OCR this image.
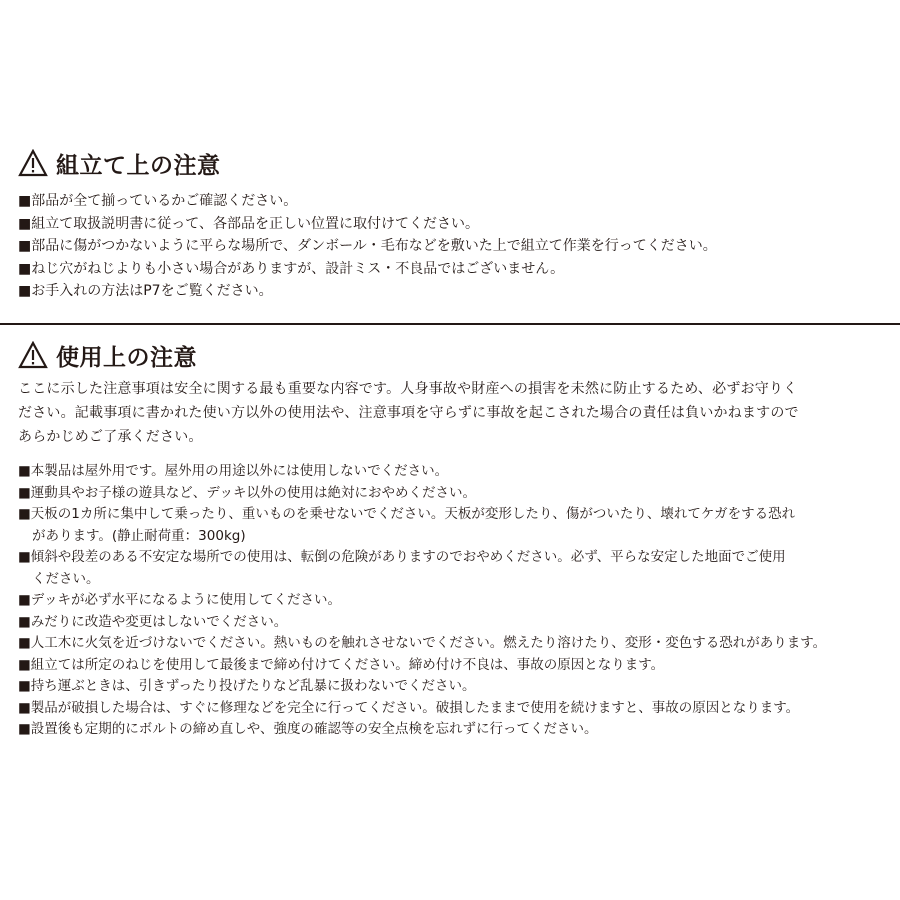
組立て上の注意
■部品が全て揃っているかご確認ください。
■組立て取扱説明書に従って、各部品を正しい位置に取付けてください。
■部品に傷がつかないように平らな場所で、ダンボール・毛布などを敷いた上で組立て作業を行ってください。
■ねじ穴がねじよりも小さい場合がありますが、設計ミス・不良品ではございません。
■お手入れの方法はP7をご覧ください。
使用上の注意
ここに示した注意事項は安全に関する最も重要な内容です。人身事故や財産への損害を未然に防止するため、必ずお守りく
ださい。記載事項に書かれた使い方以外の使用法や、注意事項を守らずに事故を起こされた場合の責任は負いかねますので
あらかじめご了承ください。
■本製品は屋外用です。屋外用の用途以外には使用しないでください。
■運動具やお子様の遊具など、デッキ以外の使用は絶対におやめください。
■天板の1カ所に集中して乗ったり、重いものを乗せないでください。天板が変形したり、傷がついたり、壊れてケガをする恐れ
があります。(静止耐荷重：300kg)
■傾斜や段差のある不安定な場所での使用は、転倒の危険がありますのでおやめください。必ず、平らな安定した地面でご使用
ください。
■デッキが必ず水平になるように使用してください。
■みだりに改造や変更はしないでください。
■人工木に火気を近づけないでください。熱いものを触れさせないでください。燃えたり溶けたり、変形・変色する恐れがあります。
■組立ては所定のねじを使用して最後まで締め付けてください。締め付け不良は、事故の原因となります。
■持ち運ぶときは、引きずったり投げたりなど乱暴に扱わないでください。
■製品が破損した場合は、すぐに修理などを完全に行ってください。破損したままで使用を続けますと、事故の原因となります。
■設置後も定期的にボルトの締め直しや、強度の確認等の安全点検を忘れずに行ってください。
